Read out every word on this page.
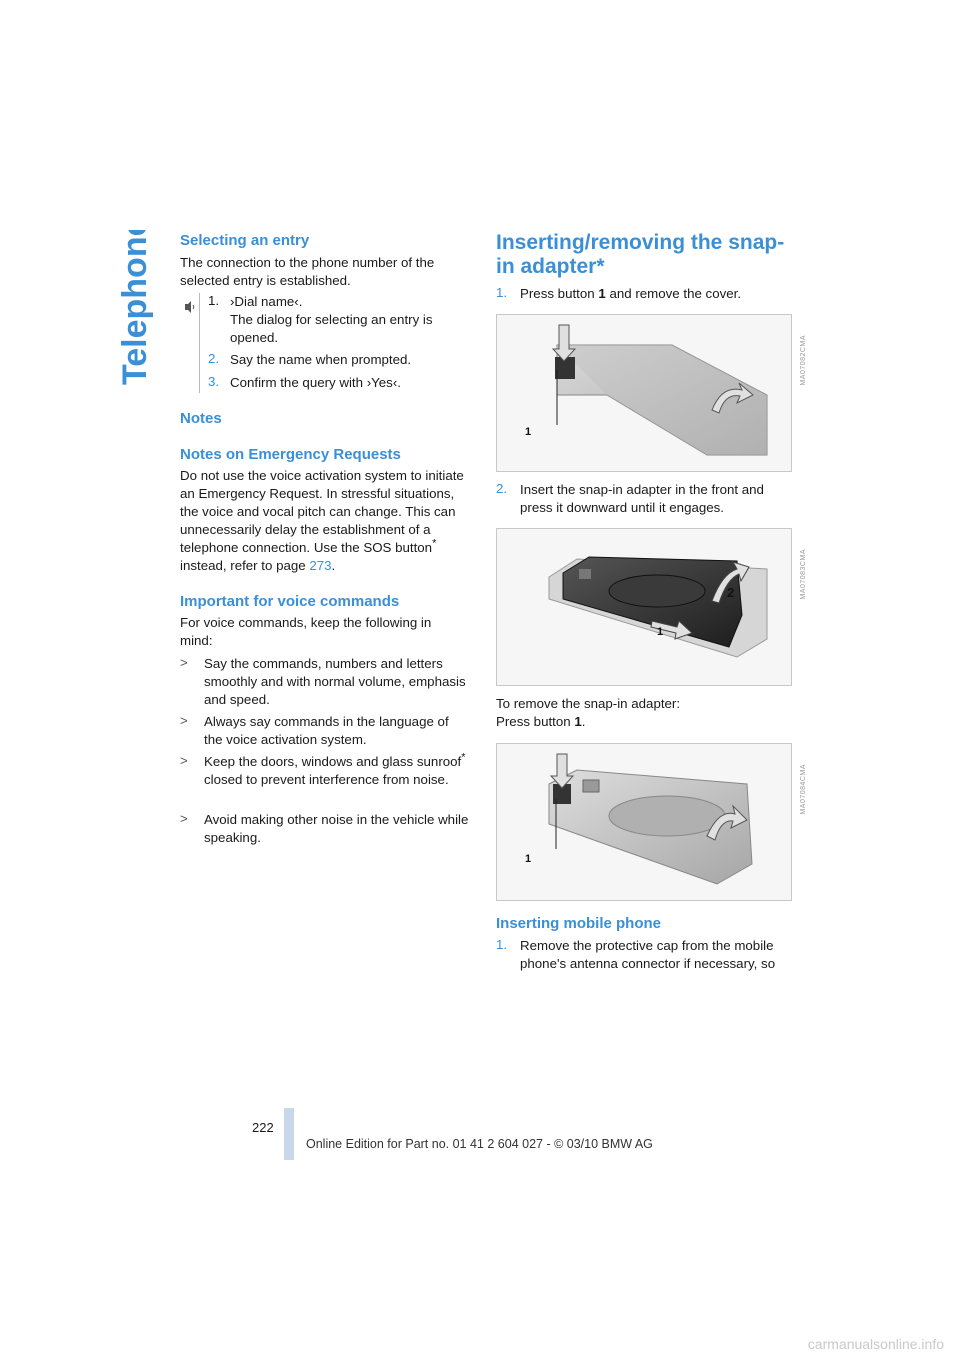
Telephone Selecting an entry

The connection to the phone number of the selected entry is established.

1. ›Dial name‹.

The dialog for selecting an entry is opened.

2. Say the name when prompted.

3. Confirm the query with ›Yes‹.

Notes
Notes on Emergency Requests

Do not use the voice activation system to initiate an Emergency Request. In stressful situations, the voice and vocal pitch can change. This can unnecessarily delay the establishment of a telephone connection. Use the SOS button* instead, refer to page 273.

Important for voice commands

For voice commands, keep the following in mind:

> Say the commands, numbers and letters smoothly and with normal volume, emphasis and speed.

> Always say commands in the language of the voice activation system.

> Keep the doors, windows and glass sunroof* closed to prevent interference from noise.

> Avoid making other noise in the vehicle while speaking.

Inserting/removing the snap-in adapter*
1. Press button 1 and remove the cover.

1
MA07082CMA
2. Insert the snap-in adapter in the front and press it downward until it engages.

2
1
MA07083CMA

To remove the snap-in adapter:

Press button 1.

1
MA07084CMA
Inserting mobile phone
1. Remove the protective cap from the mobile phone's antenna connector if necessary, so

222
Online Edition for Part no. 01 41 2 604 027 - © 03/10 BMW AG
carmanualsonline.info
